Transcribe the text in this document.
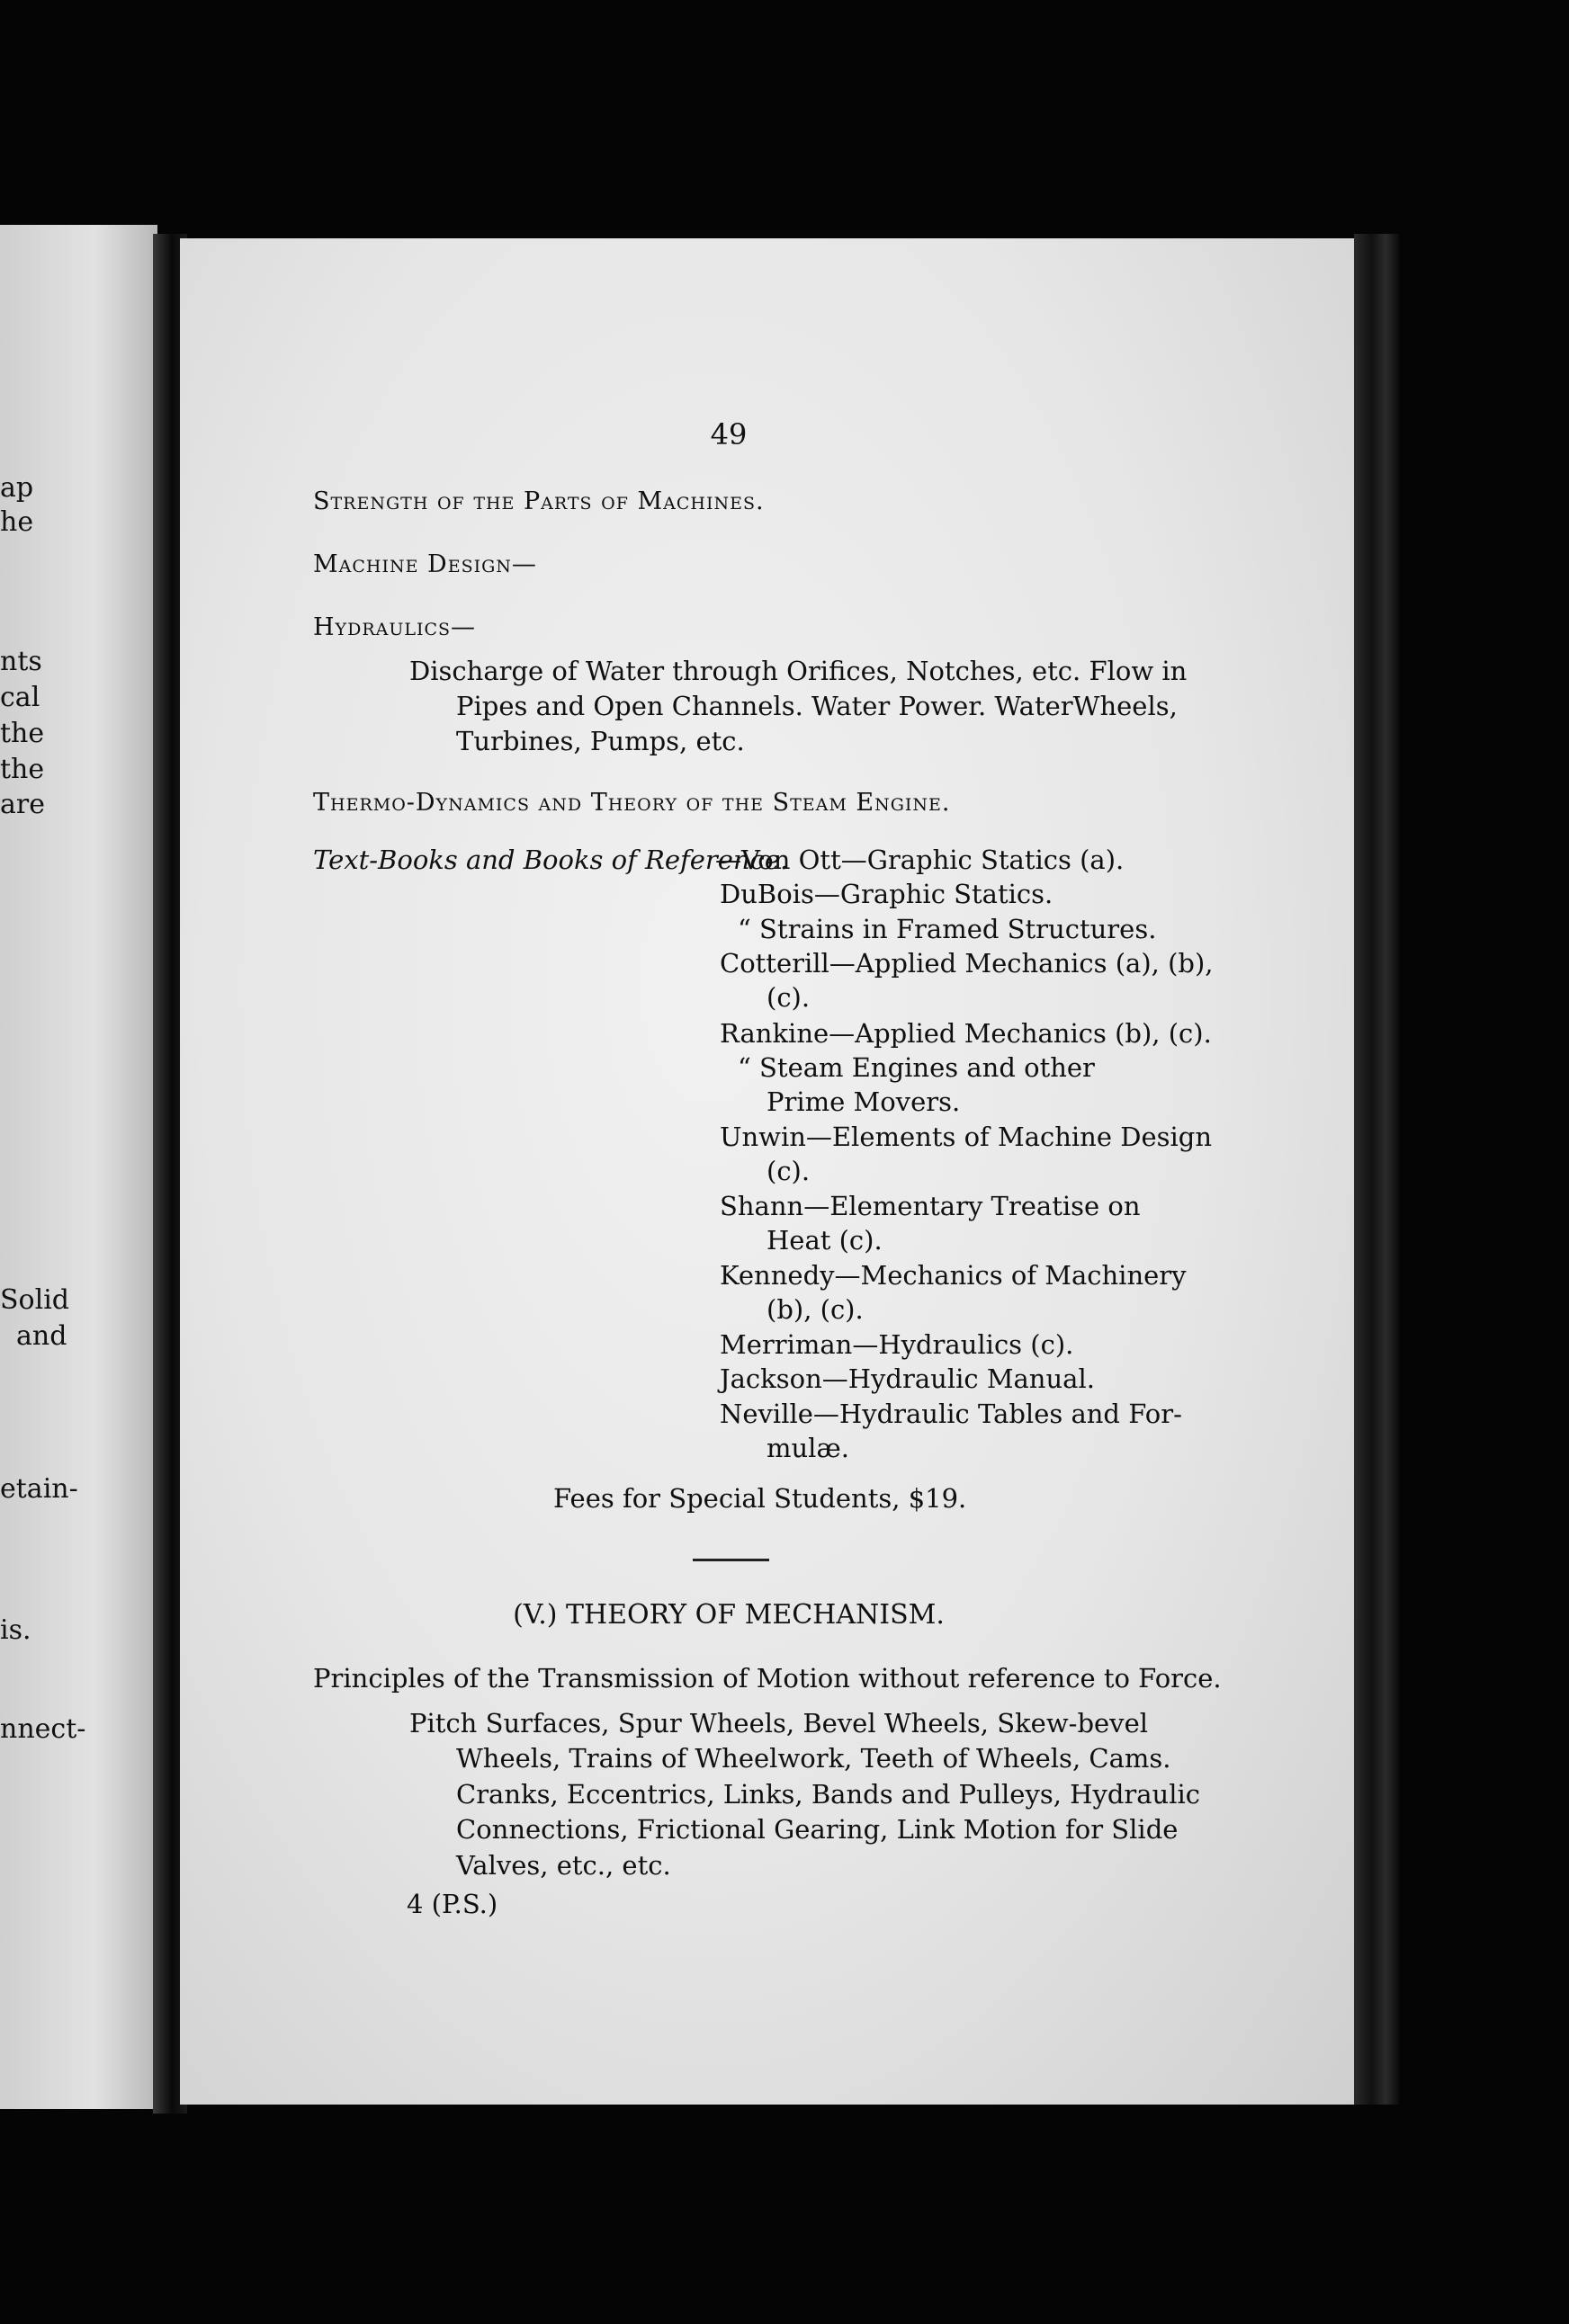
ap
he
nts
cal
the
the
are
Solid
and
etain-
is.
nnect-
49
Strength of the Parts of Machines.
Machine Design—
Hydraulics—
Discharge of Water through Orifices, Notches, etc. Flow in
Pipes and Open Channels. Water Power. WaterWheels,
Turbines, Pumps, etc.
Thermo-Dynamics and Theory of the Steam Engine.
Text-Books and Books of Reference.
—Von Ott—Graphic Statics (a).
DuBois—Graphic Statics.
“ Strains in Framed Structures.
Cotterill—Applied Mechanics (a), (b),
(c).
Rankine—Applied Mechanics (b), (c).
“ Steam Engines and other
Prime Movers.
Unwin—Elements of Machine Design
(c).
Shann—Elementary Treatise on
Heat (c).
Kennedy—Mechanics of Machinery
(b), (c).
Merriman—Hydraulics (c).
Jackson—Hydraulic Manual.
Neville—Hydraulic Tables and For-
mulæ.
Fees for Special Students, $19.
(V.) THEORY OF MECHANISM.
Principles of the Transmission of Motion without reference to Force.
Pitch Surfaces, Spur Wheels, Bevel Wheels, Skew-bevel
Wheels, Trains of Wheelwork, Teeth of Wheels, Cams.
Cranks, Eccentrics, Links, Bands and Pulleys, Hydraulic
Connections, Frictional Gearing, Link Motion for Slide
Valves, etc., etc.
4 (P.S.)
